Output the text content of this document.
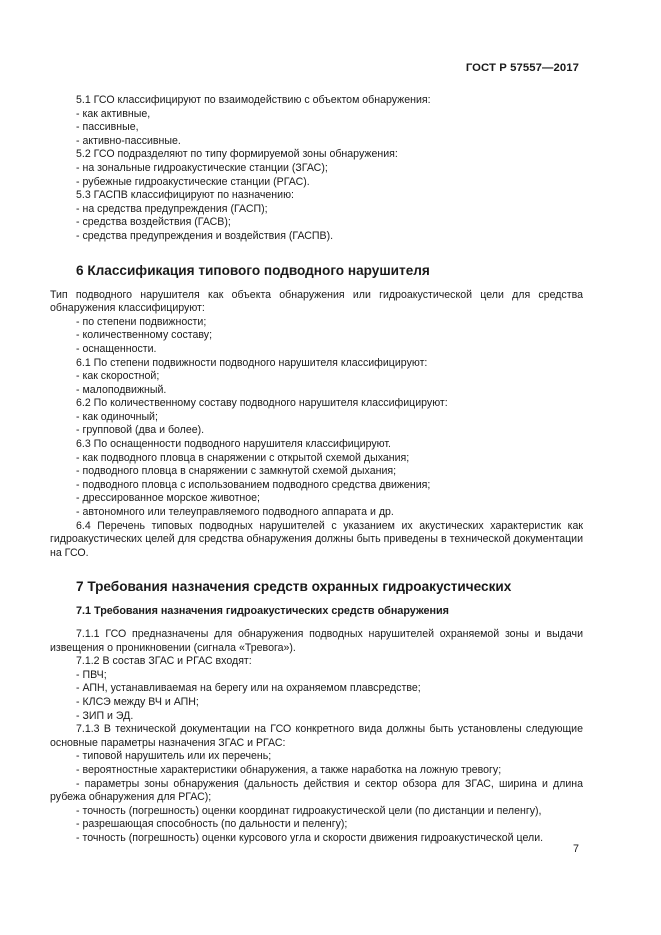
ГОСТ Р 57557—2017

5.1 ГСО классифицируют по взаимодействию с объектом обнаружения:

- как активные,

- пассивные,

- активно-пассивные.

5.2 ГСО подразделяют по типу формируемой зоны обнаружения:

- на зональные гидроакустические станции (ЗГАС);

- рубежные гидроакустические станции (РГАС).

5.3 ГАСПВ классифицируют по назначению:

- на средства предупреждения (ГАСП);

- средства воздействия (ГАСВ);

- средства предупреждения и воздействия (ГАСПВ).

6 Классификация типового подводного нарушителя

Тип подводного нарушителя как объекта обнаружения или гидроакустической цели для средства обнаружения классифицируют:

- по степени подвижности;

- количественному составу;

- оснащенности.

6.1 По степени подвижности подводного нарушителя классифицируют:

- как скоростной;

- малоподвижный.

6.2 По количественному составу подводного нарушителя классифицируют:

- как одиночный;

- групповой (два и более).

6.3 По оснащенности подводного нарушителя классифицируют.

- как подводного пловца в снаряжении с открытой схемой дыхания;

- подводного пловца в снаряжении с замкнутой схемой дыхания;

- подводного пловца с использованием подводного средства движения;

- дрессированное морское животное;

- автономного или телеуправляемого подводного аппарата и др.

6.4 Перечень типовых подводных нарушителей с указанием их акустических характеристик как гидроакустических целей для средства обнаружения должны быть приведены в технической документации на ГСО.

7 Требования назначения средств охранных гидроакустических
7.1 Требования назначения гидроакустических средств обнаружения

7.1.1 ГСО предназначены для обнаружения подводных нарушителей охраняемой зоны и выдачи извещения о проникновении (сигнала «Тревога»).

7.1.2 В состав ЗГАС и РГАС входят:

- ПВЧ;

- АПН, устанавливаемая на берегу или на охраняемом плавсредстве;

- КЛСЭ между ВЧ и АПН;

- ЗИП и ЭД.

7.1.3 В технической документации на ГСО конкретного вида должны быть установлены следующие основные параметры назначения ЗГАС и РГАС:

- типовой нарушитель или их перечень;

- вероятностные характеристики обнаружения, а также наработка на ложную тревогу;

- параметры зоны обнаружения (дальность действия и сектор обзора для ЗГАС, ширина и длина рубежа обнаружения для РГАС);

- точность (погрешность) оценки координат гидроакустической цели (по дистанции и пеленгу),

- разрешающая способность (по дальности и пеленгу);

- точность (погрешность) оценки курсового угла и скорости движения гидроакустической цели.

7
